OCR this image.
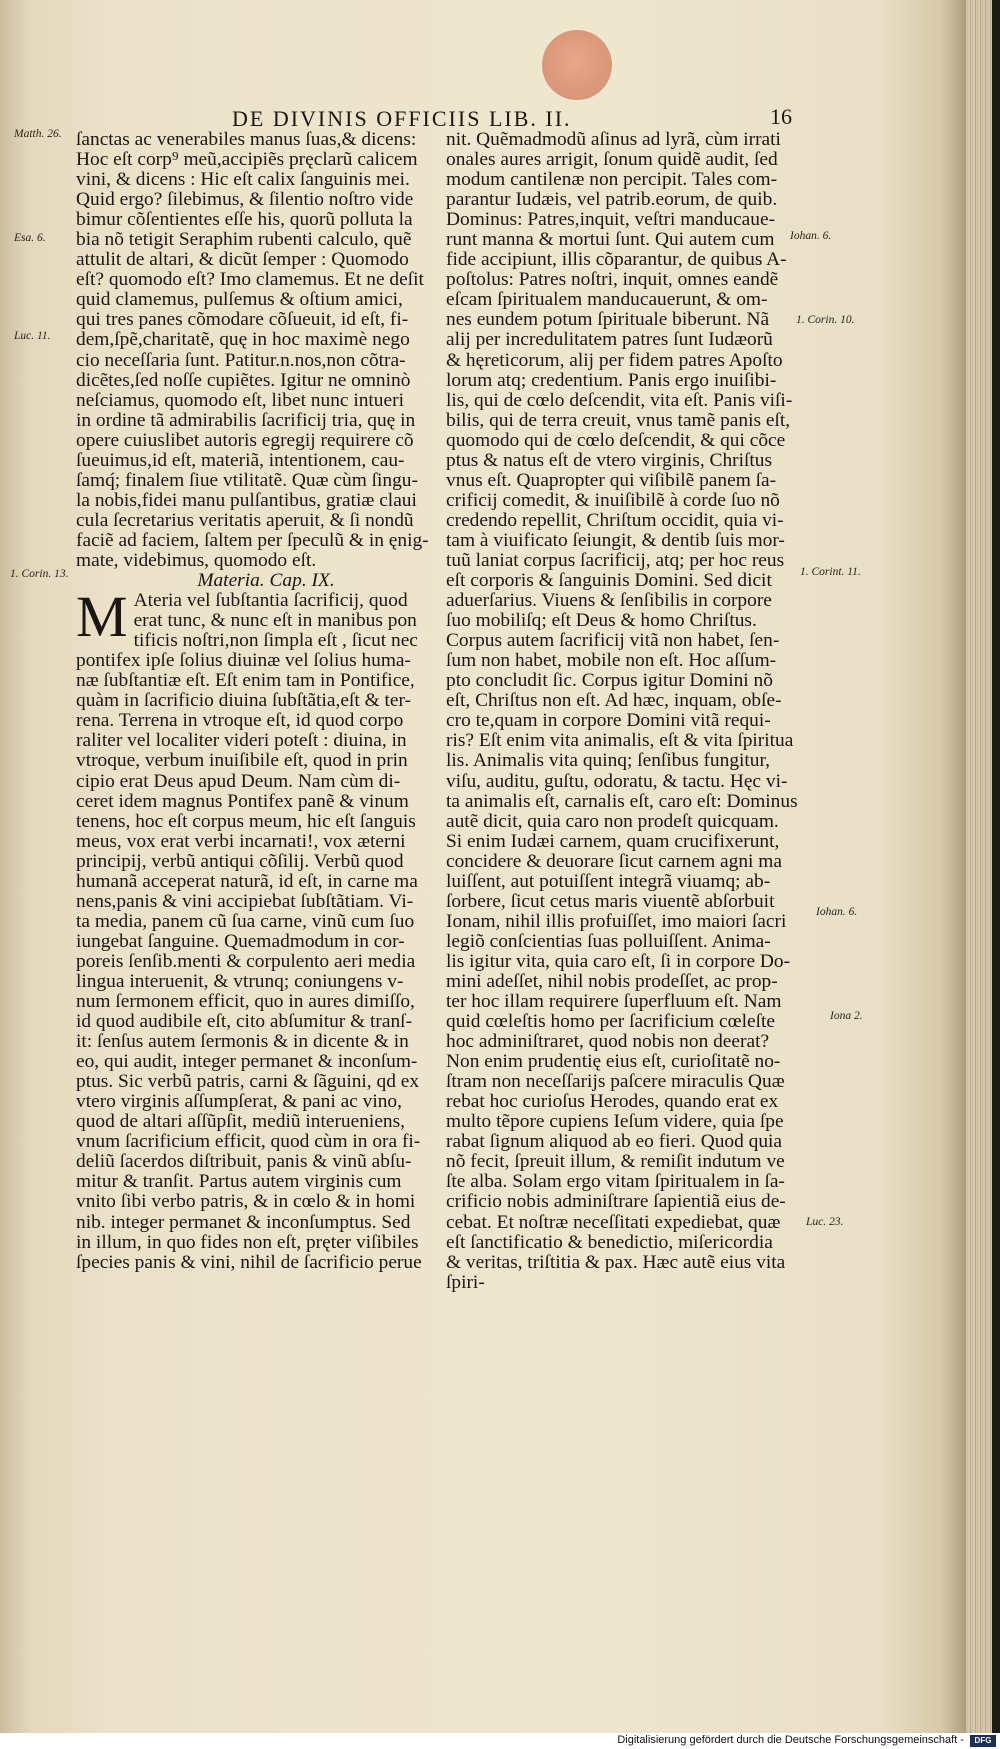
DE DIVINIS OFFICIIS LIB. II.	16
Matth. 26.
Esa. 6.
Luc. 11.
1. Corin. 13.
Iohan. 6.
1. Corin. 10.
1. Corint. 11.
Iohan. 6.
Iona 2.
Luc. 23.
ſanctas ac venerabiles manus ſuas,& dicens:
Hoc eſt corp⁹ meũ,accipiẽs pręclarũ calicem
vini, & dicens : Hic eſt calix ſanguinis mei.
Quid ergo? ſilebimus, & ſilentio noſtro vide
bimur cõſentientes eſſe his, quorũ polluta la
bia nõ tetigit Seraphim rubenti calculo, quẽ
attulit de altari, & dicũt ſemper : Quomodo
eſt? quomodo eſt? Imo clamemus. Et ne deſit
quid clamemus, pulſemus & oſtium amici,
qui tres panes cõmodare cõſueuit, id eſt, fi-
dem,ſpẽ,charitatẽ, quę in hoc maximè nego
cio neceſſaria ſunt. Patitur.n.nos,non cõtra-
dicẽtes,ſed noſſe cupiẽtes. Igitur ne omninò
neſciamus, quomodo eſt, libet nunc intueri
in ordine tã admirabilis ſacrificij tria, quę in
opere cuiuslibet autoris egregij requirere cõ
ſueuimus,id eſt, materiã, intentionem, cau-
ſamq́; finalem ſiue vtilitatẽ. Quæ cùm ſingu-
la nobis,fidei manu pulſantibus, gratiæ claui
cula ſecretarius veritatis aperuit, & ſi nondũ
faciẽ ad faciem, ſaltem per ſpeculũ & in ęnig-
mate, videbimus, quomodo eſt.
Materia. Cap. IX.
M Ateria vel ſubſtantia ſacrificij, quod
erat tunc, & nunc eſt in manibus pon
tificis noſtri,non ſimpla eſt , ſicut nec
pontifex ipſe ſolius diuinæ vel ſolius huma-
næ ſubſtantiæ eſt. Eſt enim tam in Pontifice,
quàm in ſacrificio diuina ſubſtãtia,eſt & ter-
rena. Terrena in vtroque eſt, id quod corpo
raliter vel localiter videri poteſt : diuina, in
vtroque, verbum inuiſibile eſt, quod in prin
cipio erat Deus apud Deum. Nam cùm di-
ceret idem magnus Pontifex panẽ & vinum
tenens, hoc eſt corpus meum, hic eſt ſanguis
meus, vox erat verbi incarnati!, vox æterni
principij, verbũ antiqui cõſilij. Verbũ quod
humanã acceperat naturã, id eſt, in carne ma
nens,panis & vini accipiebat ſubſtãtiam. Vi-
ta media, panem cũ ſua carne, vinũ cum ſuo
iungebat ſanguine. Quemadmodum in cor-
poreis ſenſib.menti & corpulento aeri media
lingua interuenit, & vtrunq; coniungens v-
num ſermonem efficit, quo in aures dimiſſo,
id quod audibile eſt, cito abſumitur & tranſ-
it: ſenſus autem ſermonis & in dicente & in
eo, qui audit, integer permanet & inconſum-
ptus. Sic verbũ patris, carni & ſãguini, qd ex
vtero virginis aſſumpſerat, & pani ac vino,
quod de altari aſſũpſit, mediũ interueniens,
vnum ſacrificium efficit, quod cùm in ora fi-
deliũ ſacerdos diſtribuit, panis & vinũ abſu-
mitur & tranſit. Partus autem virginis cum
vnito ſibi verbo patris, & in cœlo & in homi
nib. integer permanet & inconſumptus. Sed
in illum, in quo fides non eſt, pręter viſibiles
ſpecies panis & vini, nihil de ſacrificio perue
nit. Quẽmadmodũ aſinus ad lyrã, cùm irrati
onales aures arrigit, ſonum quidẽ audit, ſed
modum cantilenæ non percipit. Tales com-
parantur Iudæis, vel patrib.eorum, de quib.
Dominus: Patres,inquit, veſtri manducaue-
runt manna & mortui ſunt. Qui autem cum
fide accipiunt, illis cõparantur, de quibus A-
poſtolus: Patres noſtri, inquit, omnes eandẽ
eſcam ſpiritualem manducauerunt, & om-
nes eundem potum ſpirituale biberunt. Nã
alij per incredulitatem patres ſunt Iudæorũ
& hęreticorum, alij per fidem patres Apoſto
lorum atq; credentium. Panis ergo inuiſibi-
lis, qui de cœlo deſcendit, vita eſt. Panis viſi-
bilis, qui de terra creuit, vnus tamẽ panis eſt,
quomodo qui de cœlo deſcendit, & qui cõce
ptus & natus eſt de vtero virginis, Chriſtus
vnus eſt. Quapropter qui viſibilẽ panem ſa-
crificij comedit, & inuiſibilẽ à corde ſuo nõ
credendo repellit, Chriſtum occidit, quia vi-
tam à viuificato ſeiungit, & dentib ſuis mor-
tuũ laniat corpus ſacrificij, atq; per hoc reus
eſt corporis & ſanguinis Domini. Sed dicit
aduerſarius. Viuens & ſenſibilis in corpore
ſuo mobiliſq; eſt Deus & homo Chriſtus.
Corpus autem ſacrificij vitã non habet, ſen-
ſum non habet, mobile non eſt. Hoc aſſum-
pto concludit ſic. Corpus igitur Domini nõ
eſt, Chriſtus non eſt. Ad hæc, inquam, obſe-
cro te,quam in corpore Domini vitã requi-
ris? Eſt enim vita animalis, eſt & vita ſpiritua
lis. Animalis vita quinq; ſenſibus fungitur,
viſu, auditu, guſtu, odoratu, & tactu. Hęc vi-
ta animalis eſt, carnalis eſt, caro eſt: Dominus
autẽ dicit, quia caro non prodeſt quicquam.
Si enim Iudæi carnem, quam crucifixerunt,
concidere & deuorare ſicut carnem agni ma
luiſſent, aut potuiſſent integrã viuamq; ab-
ſorbere, ſicut cetus maris viuentẽ abſorbuit
Ionam, nihil illis profuiſſet, imo maiori ſacri
legiõ conſcientias ſuas polluiſſent. Anima-
lis igitur vita, quia caro eſt, ſi in corpore Do-
mini adeſſet, nihil nobis prodeſſet, ac prop-
ter hoc illam requirere ſuperfluum eſt. Nam
quid cœleſtis homo per ſacrificium cœleſte
hoc adminiſtraret, quod nobis non deerat?
Non enim prudentię eius eſt, curioſitatẽ no-
ſtram non neceſſarijs paſcere miraculis Quæ
rebat hoc curioſus Herodes, quando erat ex
multo tẽpore cupiens Ieſum videre, quia ſpe
rabat ſignum aliquod ab eo fieri. Quod quia
nõ fecit, ſpreuit illum, & remiſit indutum ve
ſte alba. Solam ergo vitam ſpiritualem in ſa-
crificio nobis adminiſtrare ſapientiã eius de-
cebat. Et noſtræ neceſſitati expediebat, quæ
eſt ſanctificatio & benedictio, miſericordia
& veritas, triſtitia & pax. Hæc autẽ eius vita
ſpiri-
Digitalisierung gefördert durch die Deutsche Forschungsgemeinschaft -	DFG
